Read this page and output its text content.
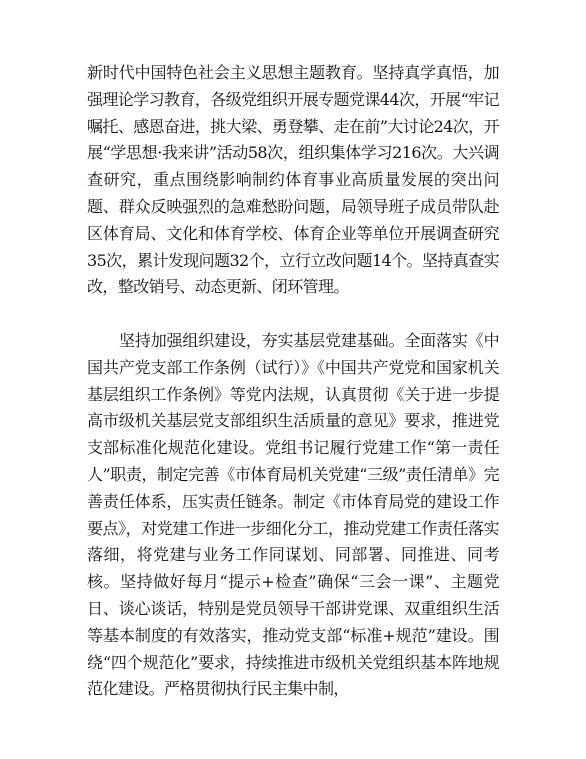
新时代中国特色社会主义思想主题教育。坚持真学真悟，加强理论学习教育，各级党组织开展专题党课44次，开展“牢记嘱托、感恩奋进，挑大梁、勇登攀、走在前”大讨论24次，开展“学思想·我来讲”活动58次，组织集体学习216次。大兴调查研究，重点围绕影响制约体育事业高质量发展的突出问题、群众反映强烈的急难愁盼问题，局领导班子成员带队赴区体育局、文化和体育学校、体育企业等单位开展调查研究35次，累计发现问题32个，立行立改问题14个。坚持真查实改，整改销号、动态更新、闭环管理。

坚持加强组织建设，夯实基层党建基础。全面落实《中国共产党支部工作条例（试行）》《中国共产党党和国家机关基层组织工作条例》等党内法规，认真贯彻《关于进一步提高市级机关基层党支部组织生活质量的意见》要求，推进党支部标准化规范化建设。党组书记履行党建工作“第一责任人”职责，制定完善《市体育局机关党建“三级”责任清单》完善责任体系，压实责任链条。制定《市体育局党的建设工作要点》，对党建工作进一步细化分工，推动党建工作责任落实落细，将党建与业务工作同谋划、同部署、同推进、同考核。坚持做好每月“提示+检查”确保“三会一课”、主题党日、谈心谈话，特别是党员领导干部讲党课、双重组织生活等基本制度的有效落实，推动党支部“标准+规范”建设。围绕“四个规范化”要求，持续推进市级机关党组织基本阵地规范化建设。严格贯彻执行民主集中制，
